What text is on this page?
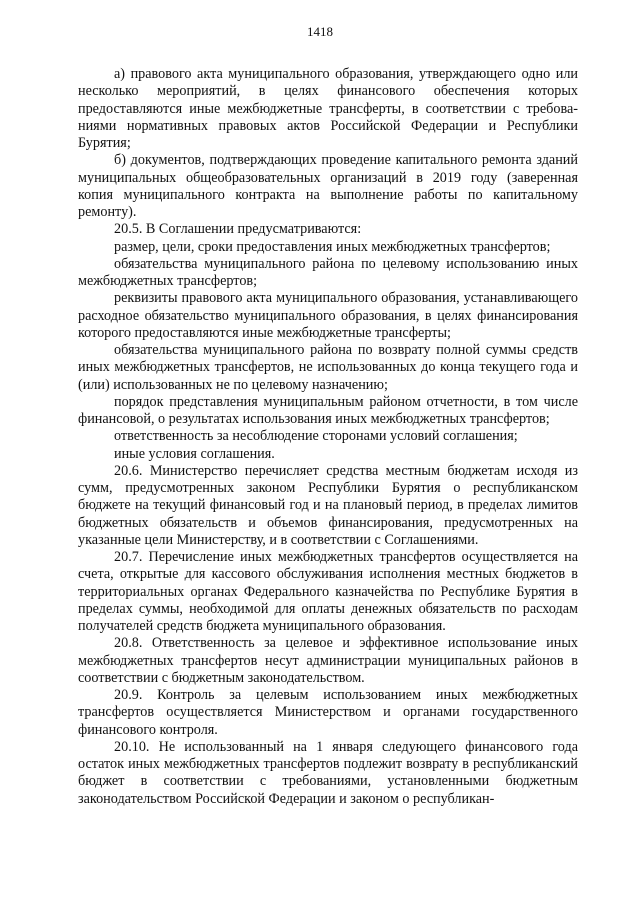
1418

а) правового акта муниципального образования, утверждающего одно или несколько мероприятий, в целях финансового обеспечения которых предоставляются иные межбюджетные трансферты, в соответствии с требованиями нормативных правовых актов Российской Федерации и Республики Бурятия;

б) документов, подтверждающих проведение капитального ремонта зданий муниципальных общеобразовательных организаций в 2019 году (заверенная копия муниципального контракта на выполнение работы по капитальному ремонту).

20.5. В Соглашении предусматриваются:

размер, цели, сроки предоставления иных межбюджетных трансфертов;

обязательства муниципального района по целевому использованию иных межбюджетных трансфертов;

реквизиты правового акта муниципального образования, устанавливающего расходное обязательство муниципального образования, в целях финансирования которого предоставляются иные межбюджетные трансферты;

обязательства муниципального района по возврату полной суммы средств иных межбюджетных трансфертов, не использованных до конца текущего года и (или) использованных не по целевому назначению;

порядок представления муниципальным районом отчетности, в том числе финансовой, о результатах использования иных межбюджетных трансфертов;

ответственность за несоблюдение сторонами условий соглашения;

иные условия соглашения.

20.6. Министерство перечисляет средства местным бюджетам исходя из сумм, предусмотренных законом Республики Бурятия о республиканском бюджете на текущий финансовый год и на плановый период, в пределах лимитов бюджетных обязательств и объемов финансирования, предусмотренных на указанные цели Министерству, и в соответствии с Соглашениями.

20.7. Перечисление иных межбюджетных трансфертов осуществляется на счета, открытые для кассового обслуживания исполнения местных бюджетов в территориальных органах Федерального казначейства по Республике Бурятия в пределах суммы, необходимой для оплаты денежных обязательств по расходам получателей средств бюджета муниципального образования.

20.8. Ответственность за целевое и эффективное использование иных межбюджетных трансфертов несут администрации муниципальных районов в соответствии с бюджетным законодательством.

20.9. Контроль за целевым использованием иных межбюджетных трансфертов осуществляется Министерством и органами государственного финансового контроля.

20.10. Не использованный на 1 января следующего финансового года остаток иных межбюджетных трансфертов подлежит возврату в республиканский бюджет в соответствии с требованиями, установленными бюджетным законодательством Российской Федерации и законом о республикан-
